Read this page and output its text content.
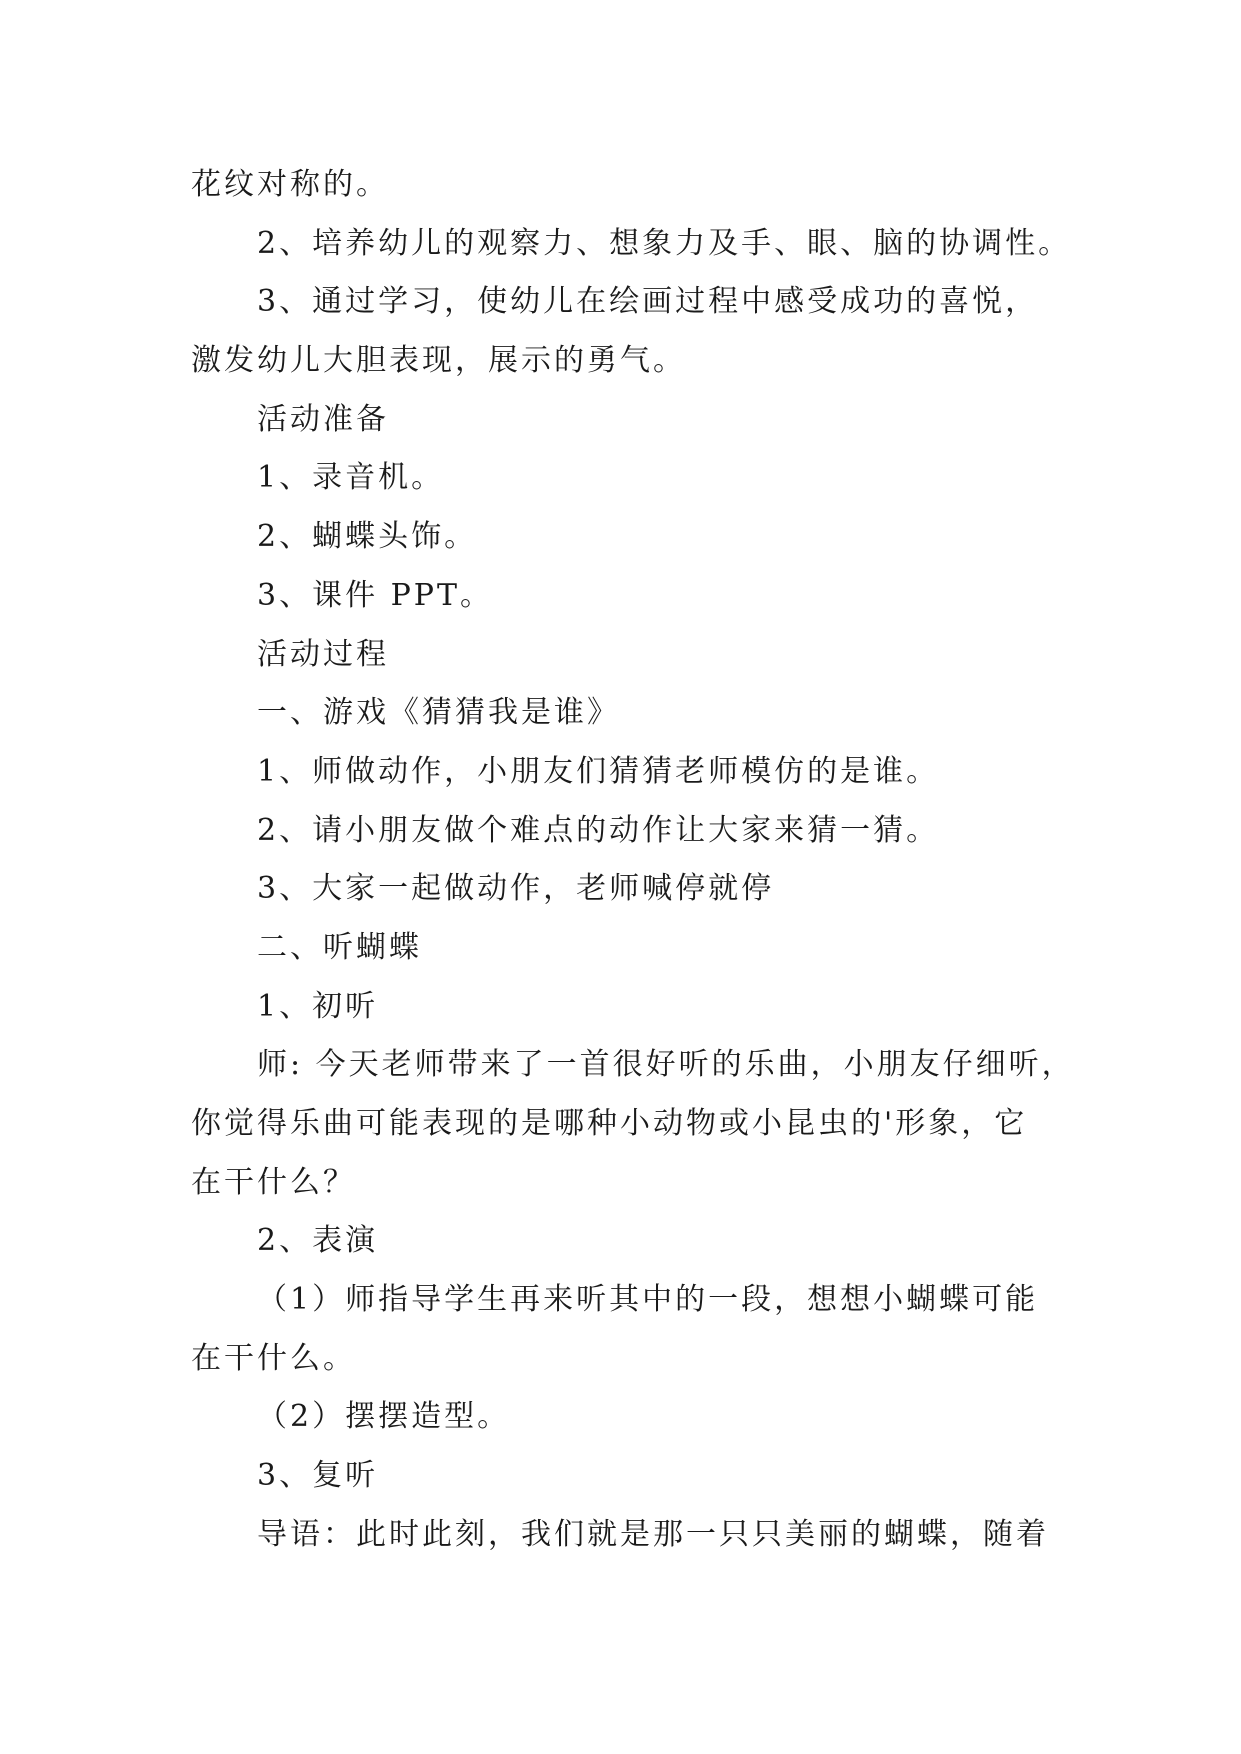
花纹对称的。
2、培养幼儿的观察力、想象力及手、眼、脑的协调性。
3、通过学习，使幼儿在绘画过程中感受成功的喜悦，
激发幼儿大胆表现，展示的勇气。
活动准备
1、录音机。
2、蝴蝶头饰。
3、课件 PPT。
活动过程
一、游戏《猜猜我是谁》
1、师做动作，小朋友们猜猜老师模仿的是谁。
2、请小朋友做个难点的动作让大家来猜一猜。
3、大家一起做动作，老师喊停就停
二、听蝴蝶
1、初听
师: 今天老师带来了一首很好听的乐曲，小朋友仔细听，
你觉得乐曲可能表现的是哪种小动物或小昆虫的'形象，它
在干什么？
2、表演
（1）师指导学生再来听其中的一段，想想小蝴蝶可能
在干什么。
（2）摆摆造型。
3、复听
导语：此时此刻，我们就是那一只只美丽的蝴蝶，随着
